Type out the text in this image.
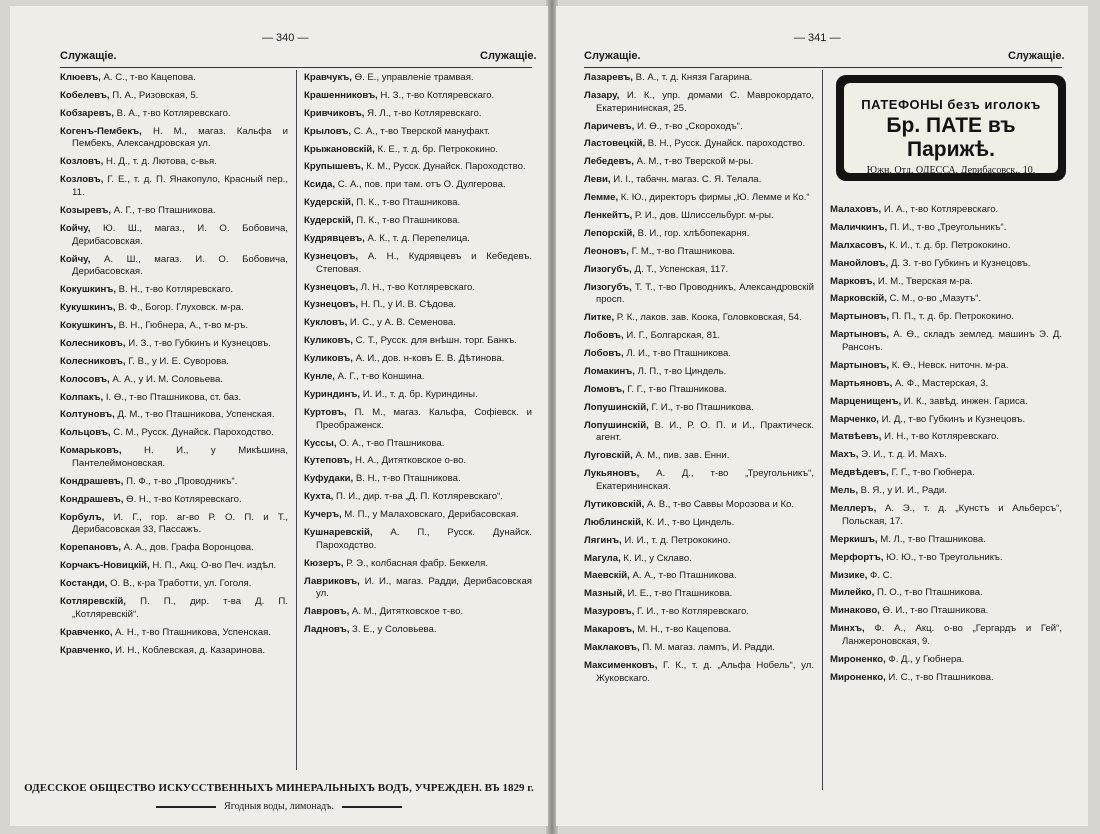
— 340 —
Служащіе.	Служащіе.

Клюевъ, А. С., т-во Кацепова.

Кобелевъ, П. А., Ризовская, 5.

Кобзаревъ, В. А., т-во Котляревскаго.

Когенъ-Пембекъ, Н. М., магаз. Кальфа и Пембекъ, Александровская ул.

Козловъ, Н. Д., т. д. Лютова, с-вья.

Козловъ, Г. Е., т. д. П. Янакопуло, Красный пер., 11.

Козыревъ, А. Г., т-во Пташникова.

Койчу, Ю. Ш., магаз., И. О. Бобовича, Дерибасовская.

Койчу, А. Ш., магаз. И. О. Бобовича, Дерибасовская.

Кокушкинъ, В. Н., т-во Котляревскаго.

Кукушкинъ, В. Ф., Богор. Глуховск. м-ра.

Кокушкинъ, В. Н., Гюбнера, А., т-во м-ръ.

Колесниковъ, И. З., т-во Губкинъ и Кузнецовъ.

Колесниковъ, Г. В., у И. Е. Суворова.

Колосовъ, А. А., у И. М. Соловьева.

Колпакъ, І. Ѳ., т-во Пташникова, ст. баз.

Колтуновъ, Д. М., т-во Пташникова, Успенская.

Кольцовъ, С. М., Русск. Дунайск. Пароходство.

Комарьковъ, Н. И., у Микѣшина, Пантелеймоновская.

Кондрашевъ, П. Ф., т-во „Проводникъ“.

Кондрашевъ, Ѳ. Н., т-во Котляревскаго.

Корбулъ, И. Г., гор. аг-во Р. О. П. и Т., Дерибасовская 33, Пассажъ.

Корепановъ, А. А., дов. Графа Воронцова.

Корчакъ-Новицкій, Н. П., Акц. О-во Печ. издѣл.

Костанди, О. В., к-ра Тработти, ул. Гоголя.

Котляревскій, П. П., дир. т-ва Д. П. „Котляревскій“.

Кравченко, А. Н., т-во Пташникова, Успенская.

Кравченко, И. Н., Коблевская, д. Казаринова.

Кравчукъ, Ѳ. Е., управленіе трамвая.

Крашенниковъ, Н. З., т-во Котляревскаго.

Кривчиковъ, Я. Л., т-во Котляревскаго.

Крыловъ, С. А., т-во Тверской мануфакт.

Крыжановскій, К. Е., т. д. бр. Петрококино.

Крупышевъ, К. М., Русск. Дунайск. Пароходство.

Ксида, С. А., пов. при там. отъ О. Дулгерова.

Кудерскій, П. К., т-во Пташникова.

Кудерскій, П. К., т-во Пташникова.

Кудрявцевъ, А. К., т. д. Перепелица.

Кузнецовъ, А. Н., Кудрявцевъ и Кебедевъ. Степовая.

Кузнецовъ, Л. Н., т-во Котляревскаго.

Кузнецовъ, Н. П., у И. В. Сѣдова.

Кукловъ, И. С., у А. В. Семенова.

Куликовъ, С. Т., Русск. для внѣшн. торг. Банкъ.

Куликовъ, А. И., дов. н-ковъ Е. В. Дѣтинова.

Кунле, А. Г., т-во Коншина.

Куриндинъ, И. И., т. д. бр. Куриндины.

Куртовъ, П. М., магаз. Кальфа, Софіевск. и Преображенск.

Куссы, О. А., т-во Пташникова.

Кутеповъ, Н. А., Дитятковское о-во.

Куфудаки, В. Н., т-во Пташникова.

Кухта, П. И., дир. т-ва „Д. П. Котляревскаго“.

Кучеръ, М. П., у Малаховскаго, Дерибасовская.

Кушнаревскій, А. П., Русск. Дунайск. Пароходство.

Кюзеръ, Р. Э., колбасная фабр. Беккеля.

Лавриковъ, И. И., магаз. Радди, Дерибасовская ул.

Лавровъ, А. М., Дитятковское т-во.

Ладновъ, З. Е., у Соловьева.

ОДЕССКОЕ ОБЩЕСТВО ИСКУССТВЕННЫХЪ МИНЕРАЛЬНЫХЪ ВОДЪ, УЧРЕЖДЕН. ВЪ 1829 г.
Ягодныя воды, лимонадъ.
— 341 —
Служащіе.	Служащіе.

Лазаревъ, В. А., т. д. Князя Гагарина.

Лазару, И. К., упр. домами С. Маврокордато, Екатерининская, 25.

Ларичевъ, И. Ѳ., т-во „Скороходъ“.

Ластовецкій, В. Н., Русск. Дунайск. пароходство.

Лебедевъ, А. М., т-во Тверской м-ры.

Леви, И. І., табачн. магаз. С. Я. Телала.

Лемме, К. Ю., директоръ фирмы „Ю. Лемме и Ко.“

Ленкейтъ, Р. И., дов. Шлиссельбург. м-ры.

Лепорскій, В. И., гор. хлѣбопекарня.

Леоновъ, Г. М., т-во Пташникова.

Лизогубъ, Д. Т., Успенская, 117.

Лизогубъ, Т. Т., т-во Проводникъ, Александровскій просп.

Литке, Р. К., лаков. зав. Коока, Головковская, 54.

Лобовъ, И. Г., Болгарская, 81.

Лобовъ, Л. И., т-во Пташникова.

Ломакинъ, Л. П., т-во Циндель.

Ломовъ, Г. Г., т-во Пташникова.

Лопушинскій, Г. И., т-во Пташникова.

Лопушинскій, В. И., Р. О. П. и И., Практическ. агент.

Луговскій, А. М., пив. зав. Енни.

Лукьяновъ, А. Д., т-во „Треугольникъ“, Екатерининская.

Лутиковскій, А. В., т-во Саввы Морозова и Ко.

Люблинскій, К. И., т-во Циндель.

Лягинъ, И. И., т. д. Петрококино.

Магула, К. И., у Склаво.

Маевскій, А. А., т-во Пташникова.

Мазный, И. Е., т-во Пташникова.

Мазуровъ, Г. И., т-во Котляревскаго.

Макаровъ, М. Н., т-во Кацепова.

Маклаковъ, П. М. магаз. лампъ, И. Радди.

Максименковъ, Г. К., т. д. „Альфа Нобель“, ул. Жуковскаго.

ПАТЕФОНЫ безъ иголокъ
Бр. ПАТЕ въ Парижѣ.
Южн. Отд. ОДЕССА, Дерибасовск., 10.

Малаховъ, И. А., т-во Котляревскаго.

Маличкинъ, П. И., т-во „Треугольникъ“.

Малхасовъ, К. И., т. д. бр. Петрококино.

Манойловъ, Д. З. т-во Губкинъ и Кузнецовъ.

Марковъ, И. М., Тверская м-ра.

Марковскій, С. М., о-во „Мазутъ“.

Мартыновъ, П. П., т. д. бр. Петрококино.

Мартыновъ, А. Ѳ., складъ землед. машинъ Э. Д. Рансонъ.

Мартыновъ, К. Ѳ., Невск. ниточн. м-ра.

Мартьяновъ, А. Ф., Мастерская, 3.

Марценищенъ, И. К., завѣд. инжен. Гариса.

Марченко, И. Д., т-во Губкинъ и Кузнецовъ.

Матвѣевъ, И. Н., т-во Котляревскаго.

Махъ, Э. И., т. д. И. Махъ.

Медвѣдевъ, Г. Г., т-во Гюбнера.

Мель, В. Я., у И. И., Ради.

Меллеръ, А. Э., т. д. „Кунстъ и Альберсъ“, Польская, 17.

Меркишъ, М. Л., т-во Пташникова.

Мерфортъ, Ю. Ю., т-во Треугольникъ.

Мизике, Ф. С.

Милейко, П. О., т-во Пташникова.

Минаково, Ѳ. И., т-во Пташникова.

Минхъ, Ф. А., Акц. о-во „Гергардъ и Гей“, Ланжероновская, 9.

Мироненко, Ф. Д., у Гюбнера.

Мироненко, И. С., т-во Пташникова.
